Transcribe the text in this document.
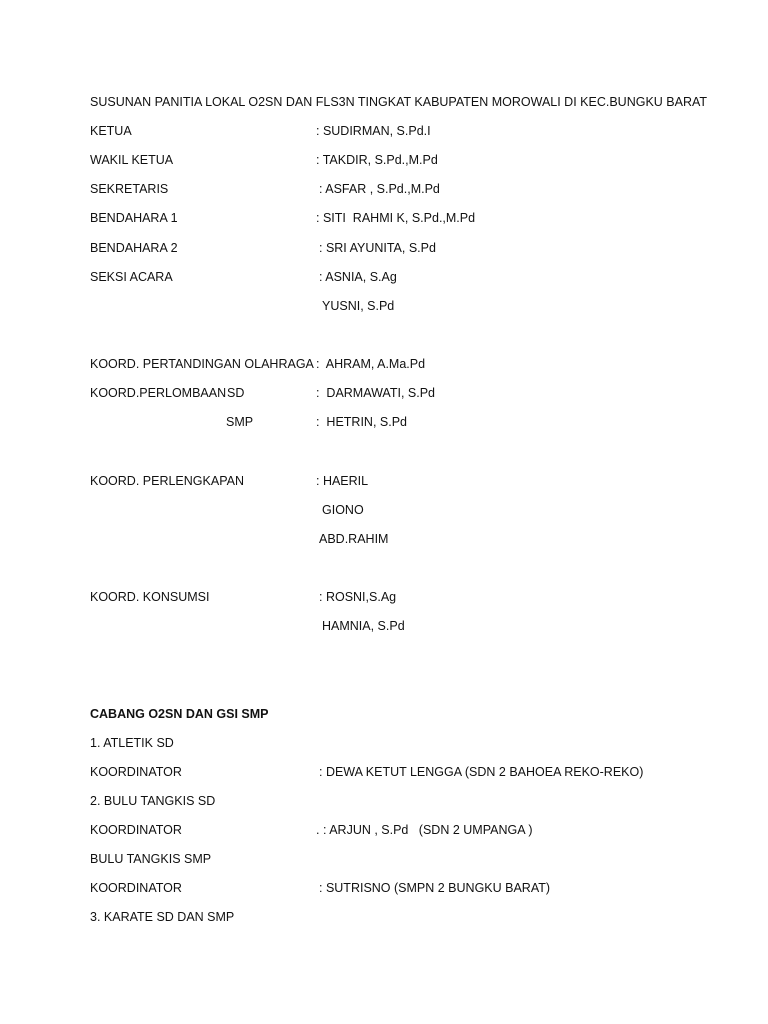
SUSUNAN PANITIA LOKAL O2SN DAN FLS3N TINGKAT KABUPATEN MOROWALI DI KEC.BUNGKU BARAT

KETUA	: SUDIRMAN, S.Pd.I

WAKIL KETUA	: TAKDIR, S.Pd.,M.Pd

SEKRETARIS	: ASFAR , S.Pd.,M.Pd

BENDAHARA 1	: SITI  RAHMI K, S.Pd.,M.Pd

BENDAHARA 2	: SRI AYUNITA, S.Pd

SEKSI ACARA	: ASNIA, S.Ag

YUSNI, S.Pd

KOORD. PERTANDINGAN OLAHRAGA :  AHRAM, A.Ma.Pd

KOORD.PERLOMBAAN SD	:  DARMAWATI, S.Pd

SMP	:  HETRIN, S.Pd

KOORD. PERLENGKAPAN	: HAERIL

GIONO

ABD.RAHIM

KOORD. KONSUMSI	: ROSNI,S.Ag

HAMNIA, S.Pd

CABANG O2SN DAN GSI SMP

1. ATLETIK SD

KOORDINATOR	: DEWA KETUT LENGGA (SDN 2 BAHOEA REKO-REKO)

2. BULU TANGKIS SD

KOORDINATOR	. : ARJUN , S.Pd   (SDN 2 UMPANGA )

BULU TANGKIS SMP

KOORDINATOR	: SUTRISNO (SMPN 2 BUNGKU BARAT)

3. KARATE SD DAN SMP
